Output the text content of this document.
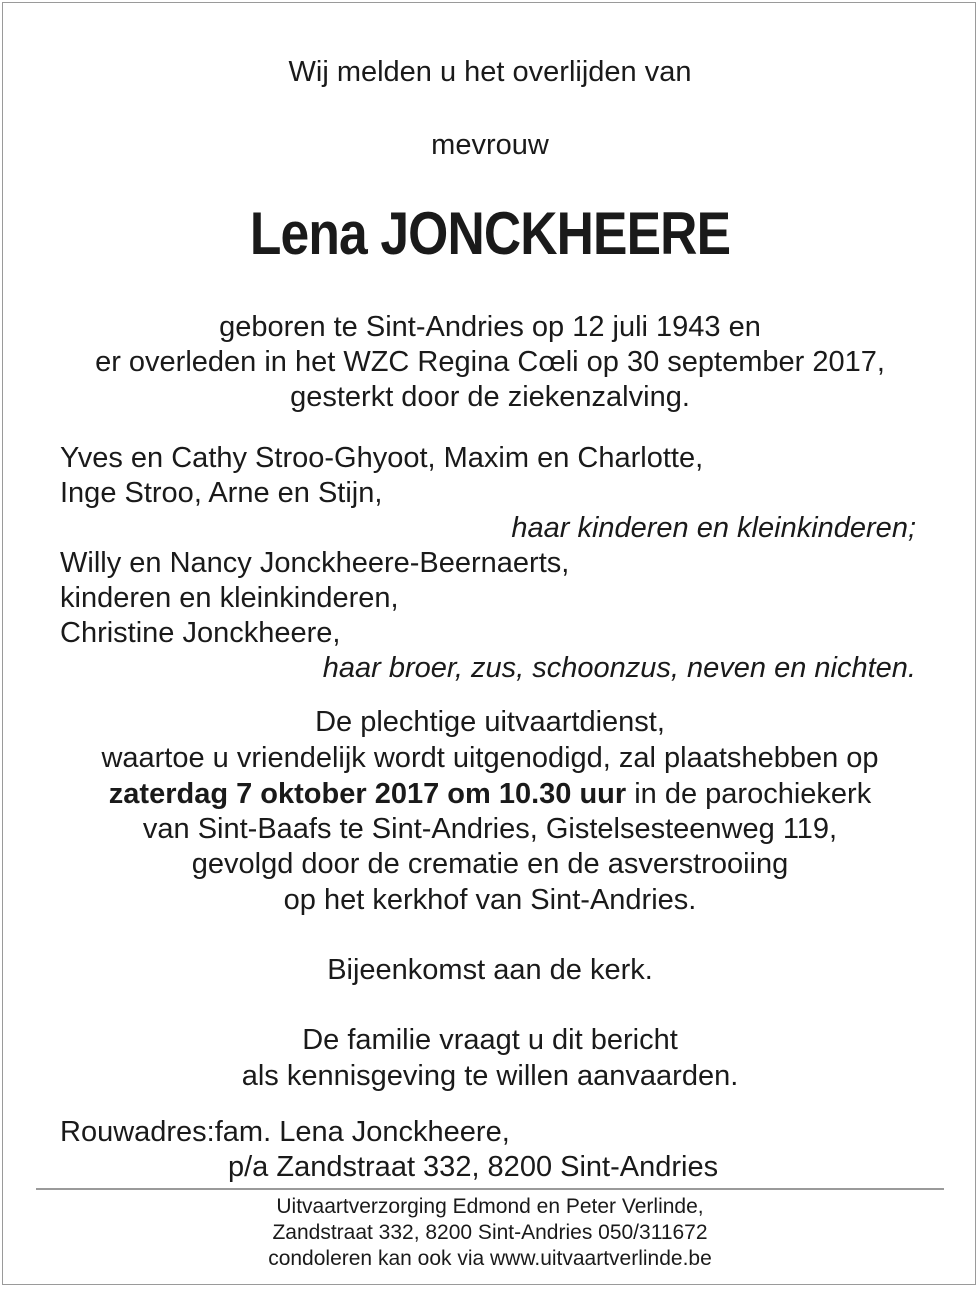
Wij melden u het overlijden van
mevrouw
Lena JONCKHEERE
geboren te Sint-Andries op 12 juli 1943 en
er overleden in het WZC Regina Cœli op 30 september 2017,
gesterkt door de ziekenzalving.
Yves en Cathy Stroo-Ghyoot, Maxim en Charlotte,
Inge Stroo, Arne en Stijn,
haar kinderen en kleinkinderen;
Willy en Nancy Jonckheere-Beernaerts,
kinderen en kleinkinderen,
Christine Jonckheere,
haar broer, zus, schoonzus, neven en nichten.
De plechtige uitvaartdienst,
waartoe u vriendelijk wordt uitgenodigd, zal plaatshebben op
zaterdag 7 oktober 2017 om 10.30 uur in de parochiekerk
van Sint-Baafs te Sint-Andries, Gistelsesteenweg 119,
gevolgd door de crematie en de asverstrooiing
op het kerkhof van Sint-Andries.
Bijeenkomst aan de kerk.
De familie vraagt u dit bericht
als kennisgeving te willen aanvaarden.
Rouwadres:fam. Lena Jonckheere,
p/a Zandstraat 332, 8200 Sint-Andries
Uitvaartverzorging Edmond en Peter Verlinde,
Zandstraat 332, 8200 Sint-Andries 050/311672
condoleren kan ook via www.uitvaartverlinde.be
